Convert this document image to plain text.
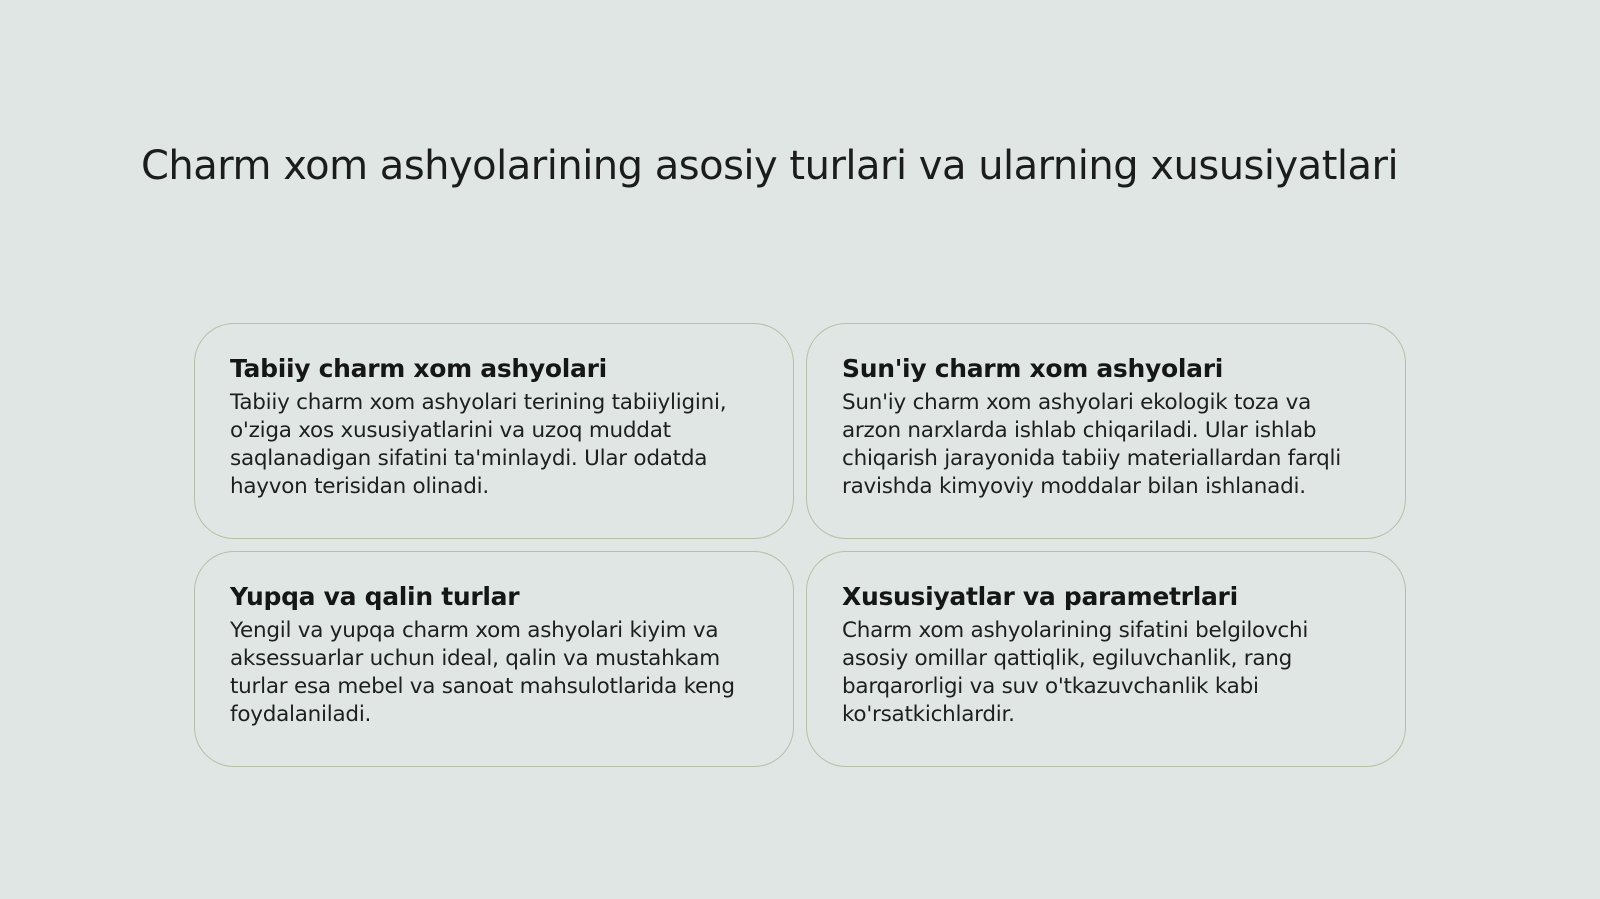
Charm xom ashyolarining asosiy turlari va ularning xususiyatlari
Tabiiy charm xom ashyolari

Tabiiy charm xom ashyolari terining tabiiyligini, o'ziga xos xususiyatlarini va uzoq muddat saqlanadigan sifatini ta'minlaydi. Ular odatda hayvon terisidan olinadi.

Sun'iy charm xom ashyolari

Sun'iy charm xom ashyolari ekologik toza va arzon narxlarda ishlab chiqariladi. Ular ishlab chiqarish jarayonida tabiiy materiallardan farqli ravishda kimyoviy moddalar bilan ishlanadi.

Yupqa va qalin turlar

Yengil va yupqa charm xom ashyolari kiyim va aksessuarlar uchun ideal, qalin va mustahkam turlar esa mebel va sanoat mahsulotlarida keng foydalaniladi.

Xususiyatlar va parametrlari

Charm xom ashyolarining sifatini belgilovchi asosiy omillar qattiqlik, egiluvchanlik, rang barqarorligi va suv o'tkazuvchanlik kabi ko'rsatkichlardir.
